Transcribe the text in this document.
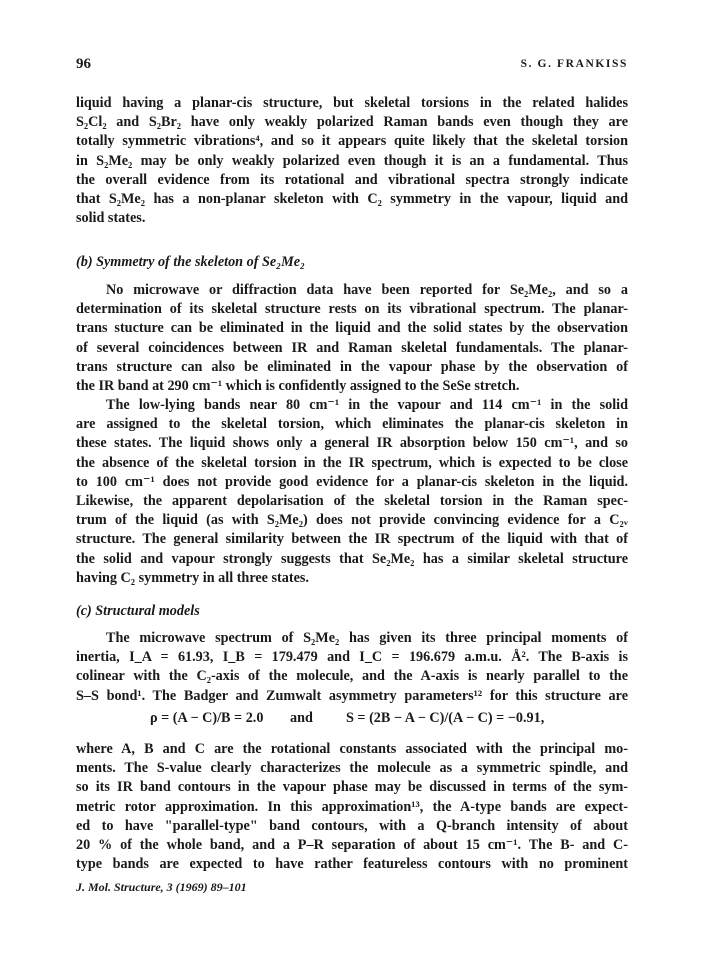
96	S. G. FRANKISS
liquid having a planar-cis structure, but skeletal torsions in the related halides
S₂Cl₂ and S₂Br₂ have only weakly polarized Raman bands even though they are
totally symmetric vibrations⁴, and so it appears quite likely that the skeletal torsion
in S₂Me₂ may be only weakly polarized even though it is an a fundamental. Thus
the overall evidence from its rotational and vibrational spectra strongly indicate
that S₂Me₂ has a non-planar skeleton with C₂ symmetry in the vapour, liquid and
solid states.
(b) Symmetry of the skeleton of Se₂Me₂
No microwave or diffraction data have been reported for Se₂Me₂, and so a
determination of its skeletal structure rests on its vibrational spectrum. The planar-
trans stucture can be eliminated in the liquid and the solid states by the observation
of several coincidences between IR and Raman skeletal fundamentals. The planar-
trans structure can also be eliminated in the vapour phase by the observation of
the IR band at 290 cm⁻¹ which is confidently assigned to the SeSe stretch.
The low-lying bands near 80 cm⁻¹ in the vapour and 114 cm⁻¹ in the solid
are assigned to the skeletal torsion, which eliminates the planar-cis skeleton in
these states. The liquid shows only a general IR absorption below 150 cm⁻¹, and so
the absence of the skeletal torsion in the IR spectrum, which is expected to be close
to 100 cm⁻¹ does not provide good evidence for a planar-cis skeleton in the liquid.
Likewise, the apparent depolarisation of the skeletal torsion in the Raman spec-
trum of the liquid (as with S₂Me₂) does not provide convincing evidence for a C₂ᵥ
structure. The general similarity between the IR spectrum of the liquid with that of
the solid and vapour strongly suggests that Se₂Me₂ has a similar skeletal structure
having C₂ symmetry in all three states.
(c) Structural models
The microwave spectrum of S₂Me₂ has given its three principal moments of
inertia, I_A = 61.93, I_B = 179.479 and I_C = 196.679 a.m.u. Å². The B-axis is
colinear with the C₂-axis of the molecule, and the A-axis is nearly parallel to the
S–S bond¹. The Badger and Zumwalt asymmetry parameters¹² for this structure are
ρ = (A − C)/B = 2.0 and S = (2B − A − C)/(A − C) = −0.91,
where A, B and C are the rotational constants associated with the principal mo-
ments. The S-value clearly characterizes the molecule as a symmetric spindle, and
so its IR band contours in the vapour phase may be discussed in terms of the sym-
metric rotor approximation. In this approximation¹³, the A-type bands are expect-
ed to have "parallel-type" band contours, with a Q-branch intensity of about
20 % of the whole band, and a P–R separation of about 15 cm⁻¹. The B- and C-
type bands are expected to have rather featureless contours with no prominent
J. Mol. Structure, 3 (1969) 89–101
